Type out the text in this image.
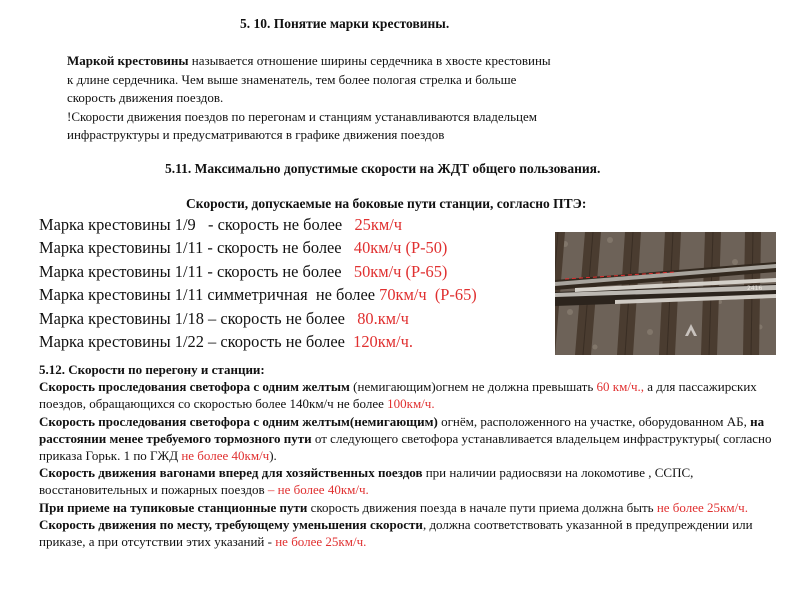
5. 10. Понятие марки крестовины.

Маркой крестовины называется отношение ширины сердечника в хвосте крестовины

к длине сердечника. Чем выше знаменатель, тем более пологая стрелка и больше

скорость движения поездов.

!Скорости движения поездов по перегонам и станциям устанавливаются владельцем

инфраструктуры и предусматриваются в графике движения поездов

5.11. Максимально допустимые скорости на ЖДТ общего пользования.
Скорости, допускаемые на боковые пути станции, согласно ПТЭ:
Марка крестовины 1/9   - скорость не более   25км/ч
Марка крестовины 1/11 - скорость не более   40км/ч (Р-50)
Марка крестовины 1/11 - скорость не более   50км/ч (Р-65)
Марка крестовины 1/11 симметричная  не более 70км/ч  (Р-65)
Марка крестовины 1/18 – скорость не более   80.км/ч
Марка крестовины 1/22 – скорость не более  120км/ч.
2416

5.12. Скорости по перегону и станции:

Скорость проследования светофора с одним желтым (немигающим)огнем не должна превышать 60 км/ч., а для пассажирских поездов, обращающихся со скоростью более 140км/ч не более 100км/ч.

Скорость проследования светофора с одним желтым(немигающим) огнём, расположенного на участке, оборудованном АБ, на расстоянии менее требуемого тормозного пути от следующего светофора устанавливается владельцем инфраструктуры( согласно приказа Горьк. 1 по ГЖД не более 40км/ч).

Скорость движения вагонами вперед для хозяйственных поездов при наличии радиосвязи на локомотиве , ССПС, восстановительных и пожарных поездов – не более 40км/ч.

При приеме на тупиковые станционные пути скорость движения поезда в начале пути приема должна быть не более 25км/ч.

Скорость движения по месту, требующему уменьшения скорости, должна соответствовать указанной в предупреждении или приказе, а при отсутствии этих указаний - не более 25км/ч.
